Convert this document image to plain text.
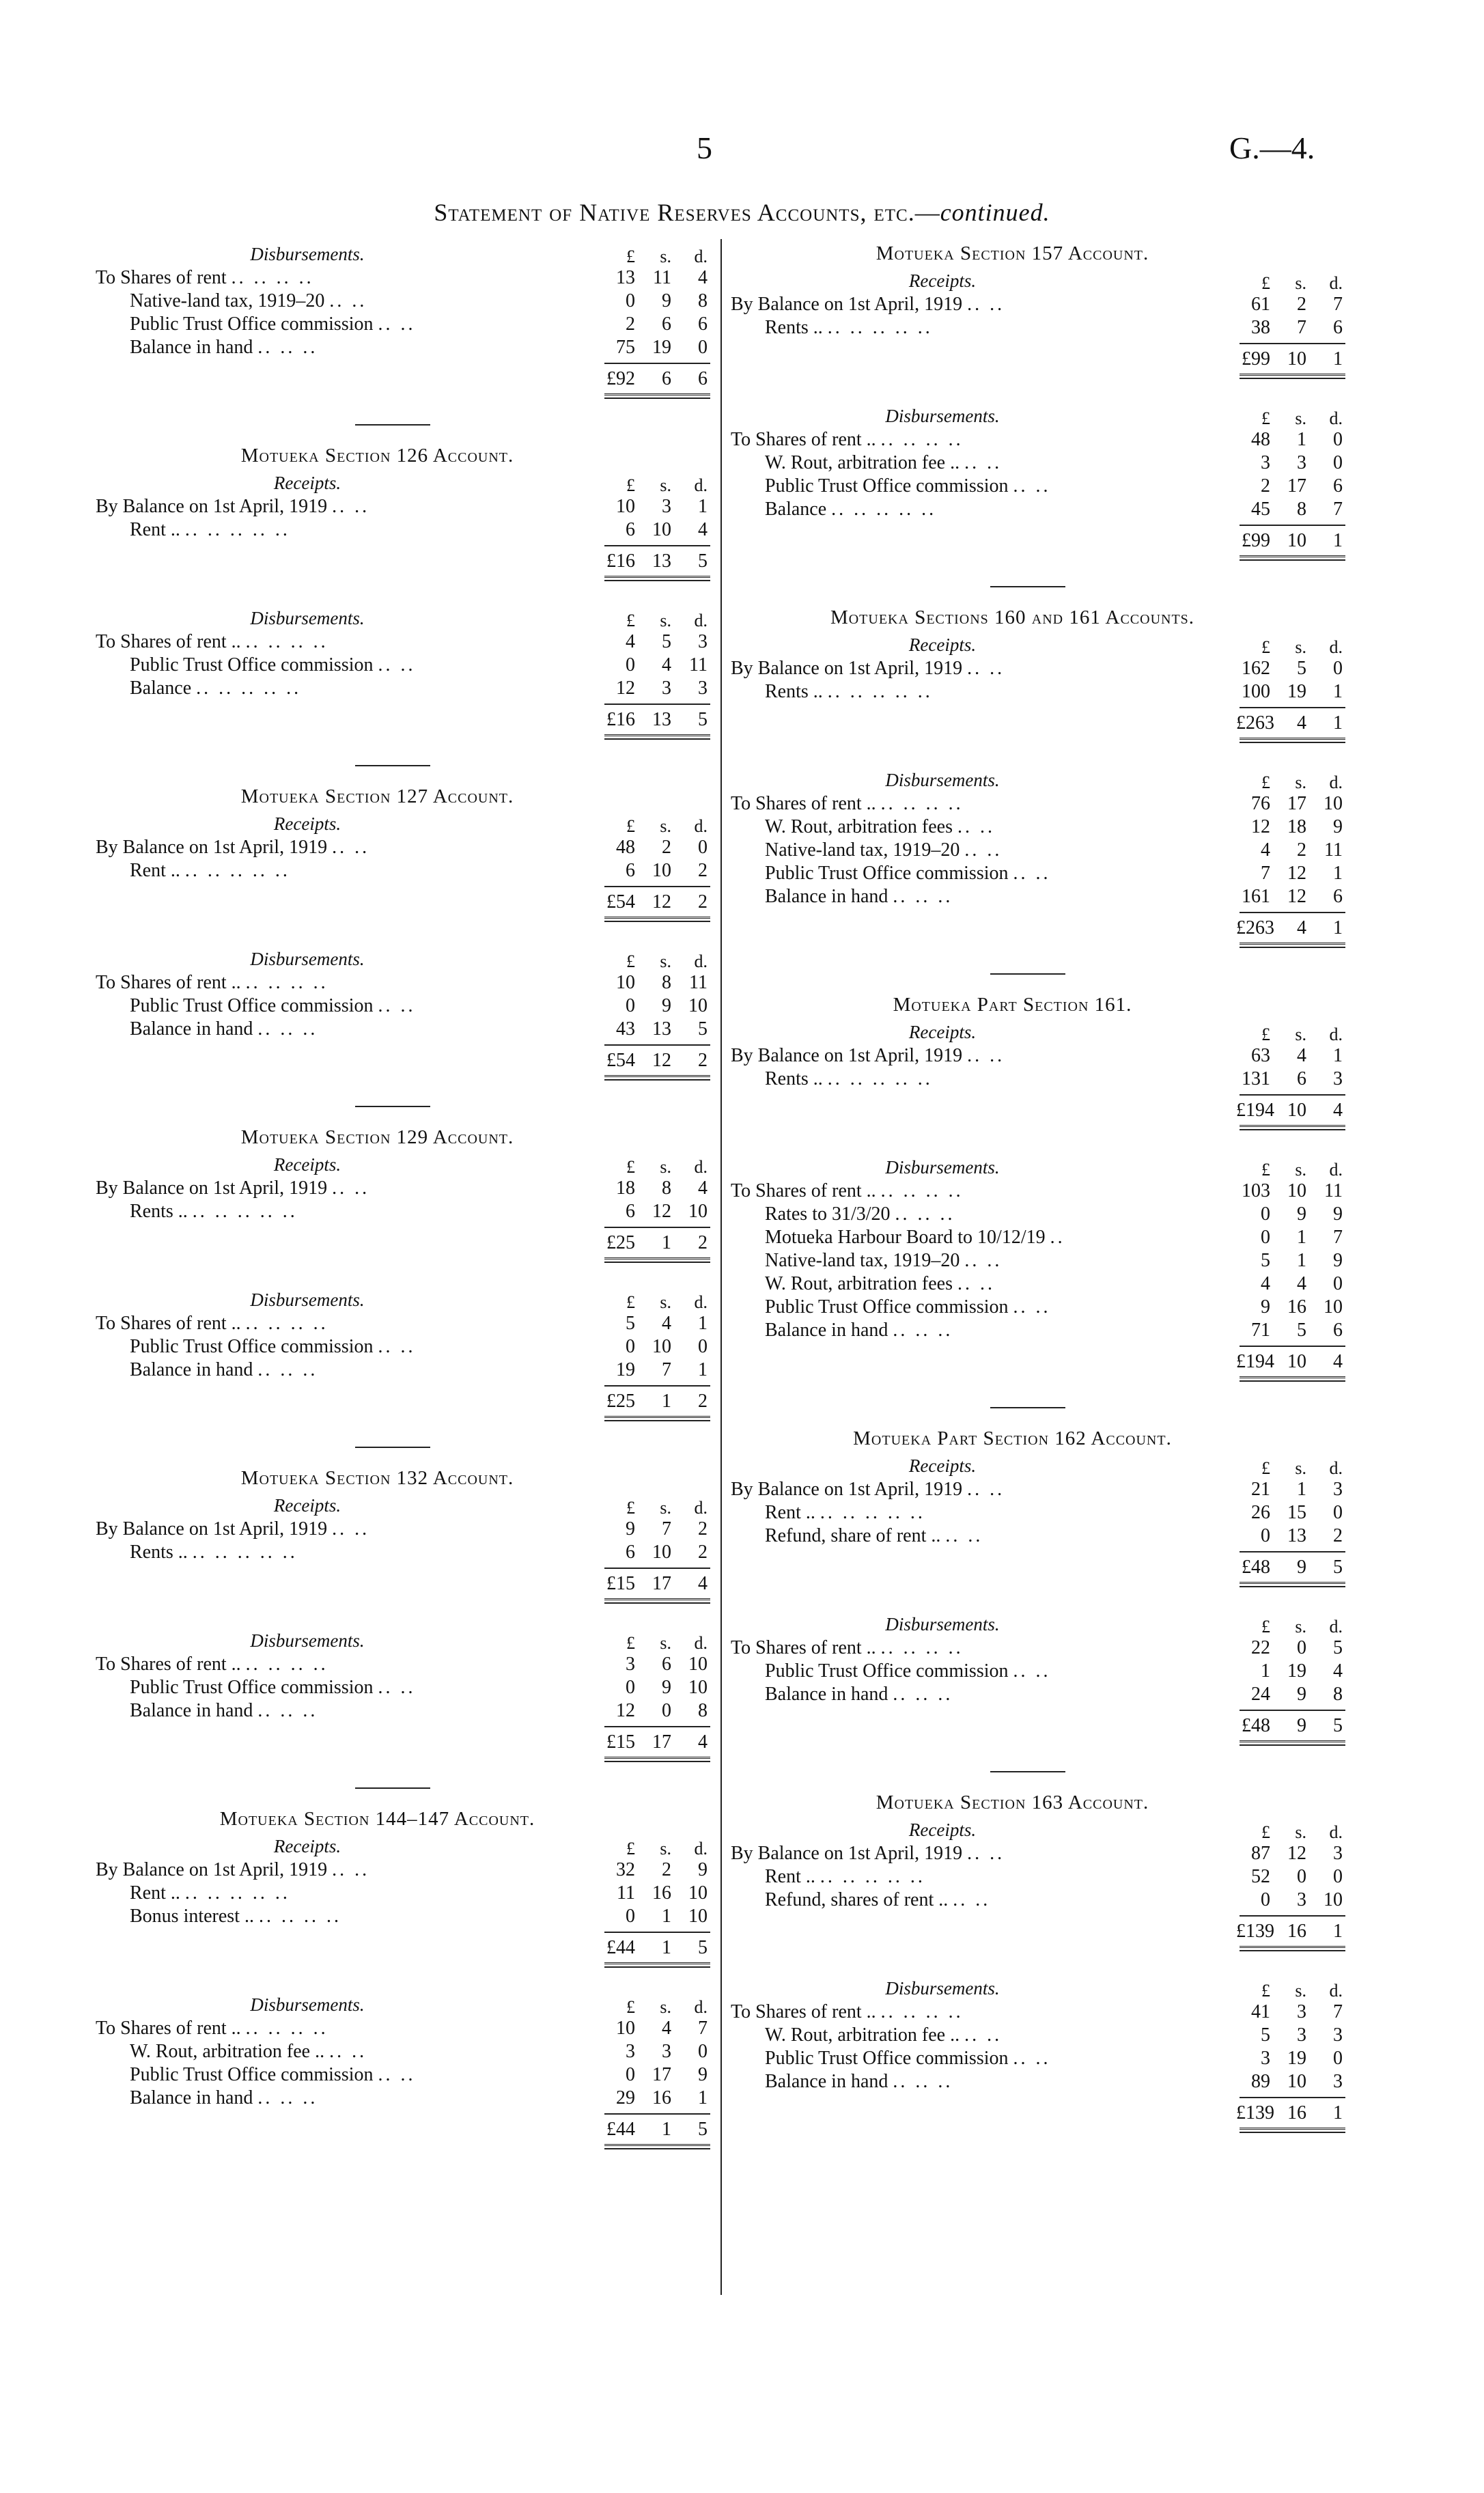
5	G.—4.
Statement of Native Reserves Accounts, etc.—continued.
Disbursements.	£	s.	d.
To Shares of rent .. .. .. ..	13 11	4
Native-land tax, 1919–20 .. ..	0	9	8
Public Trust Office commission .. ..	2	6	6
Balance in hand .. .. ..	75 19	0
£92	6	6
Motueka Section 126 Account.
Receipts.	£	s.	d.
By Balance on 1st April, 1919 .. ..	10	3	1
Rent .. .. .. .. .. ..	6 10	4
£16 13	5
Disbursements.	£	s.	d.
To Shares of rent .. .. .. .. ..	4	5	3
Public Trust Office commission .. ..	0	4 11
Balance .. .. .. .. ..	12	3	3
£16 13	5
Motueka Section 127 Account.
Receipts.	£	s.	d.
By Balance on 1st April, 1919 .. ..	48	2	0
Rent .. .. .. .. .. ..	6 10	2
£54 12	2
Disbursements.	£	s.	d.
To Shares of rent .. .. .. .. ..	10	8 11
Public Trust Office commission .. ..	0	9 10
Balance in hand .. .. ..	43 13	5
£54 12	2
Motueka Section 129 Account.
Receipts.	£	s.	d.
By Balance on 1st April, 1919 .. ..	18	8	4
Rents .. .. .. .. .. ..	6 12 10
£25	1	2
Disbursements.	£	s.	d.
To Shares of rent .. .. .. .. ..	5	4	1
Public Trust Office commission .. ..	0 10	0
Balance in hand .. .. ..	19	7	1
£25	1	2
Motueka Section 132 Account.
Receipts.	£	s.	d.
By Balance on 1st April, 1919 .. ..	9	7	2
Rents .. .. .. .. .. ..	6 10	2
£15 17	4
Disbursements.	£	s.	d.
To Shares of rent .. .. .. .. ..	3	6 10
Public Trust Office commission .. ..	0	9 10
Balance in hand .. .. ..	12	0	8
£15 17	4
Motueka Section 144–147 Account.
Receipts.	£	s.	d.
By Balance on 1st April, 1919 .. ..	32	2	9
Rent .. .. .. .. .. ..	11 16 10
Bonus interest .. .. .. .. ..	0	1 10
£44	1	5
Disbursements.	£	s.	d.
To Shares of rent .. .. .. .. ..	10	4	7
W. Rout, arbitration fee .. .. ..	3	3	0
Public Trust Office commission .. ..	0 17	9
Balance in hand .. .. ..	29 16	1
£44	1	5
Motueka Section 157 Account.
Receipts.	£	s.	d.
By Balance on 1st April, 1919 .. ..	61	2	7
Rents .. .. .. .. .. ..	38	7	6
£99 10	1
Disbursements.	£	s.	d.
To Shares of rent .. .. .. .. ..	48	1	0
W. Rout, arbitration fee .. .. ..	3	3	0
Public Trust Office commission .. ..	2 17	6
Balance .. .. .. .. ..	45	8	7
£99 10	1
Motueka Sections 160 and 161 Accounts.
Receipts.	£	s.	d.
By Balance on 1st April, 1919 .. ..	162	5	0
Rents .. .. .. .. .. ..	100 19	1
£263	4	1
Disbursements.	£	s.	d.
To Shares of rent .. .. .. .. ..	76 17 10
W. Rout, arbitration fees .. ..	12 18	9
Native-land tax, 1919–20 .. ..	4	2 11
Public Trust Office commission .. ..	7 12	1
Balance in hand .. .. ..	161 12	6
£263	4	1
Motueka Part Section 161.
Receipts.	£	s.	d.
By Balance on 1st April, 1919 .. ..	63	4	1
Rents .. .. .. .. .. ..	131	6	3
£194 10	4
Disbursements.	£	s.	d.
To Shares of rent .. .. .. .. ..	103 10 11
Rates to 31/3/20 .. .. ..	0	9	9
Motueka Harbour Board to 10/12/19 ..	0	1	7
Native-land tax, 1919–20 .. ..	5	1	9
W. Rout, arbitration fees .. ..	4	4	0
Public Trust Office commission .. ..	9 16 10
Balance in hand .. .. ..	71	5	6
£194 10	4
Motueka Part Section 162 Account.
Receipts.	£	s.	d.
By Balance on 1st April, 1919 .. ..	21	1	3
Rent .. .. .. .. .. ..	26 15	0
Refund, share of rent .. .. ..	0 13	2
£48	9	5
Disbursements.	£	s.	d.
To Shares of rent .. .. .. .. ..	22	0	5
Public Trust Office commission .. ..	1 19	4
Balance in hand .. .. ..	24	9	8
£48	9	5
Motueka Section 163 Account.
Receipts.	£	s.	d.
By Balance on 1st April, 1919 .. ..	87 12	3
Rent .. .. .. .. .. ..	52	0	0
Refund, shares of rent .. .. ..	0	3 10
£139 16	1
Disbursements.	£	s.	d.
To Shares of rent .. .. .. .. ..	41	3	7
W. Rout, arbitration fee .. .. ..	5	3	3
Public Trust Office commission .. ..	3 19	0
Balance in hand .. .. ..	89 10	3
£139 16	1
